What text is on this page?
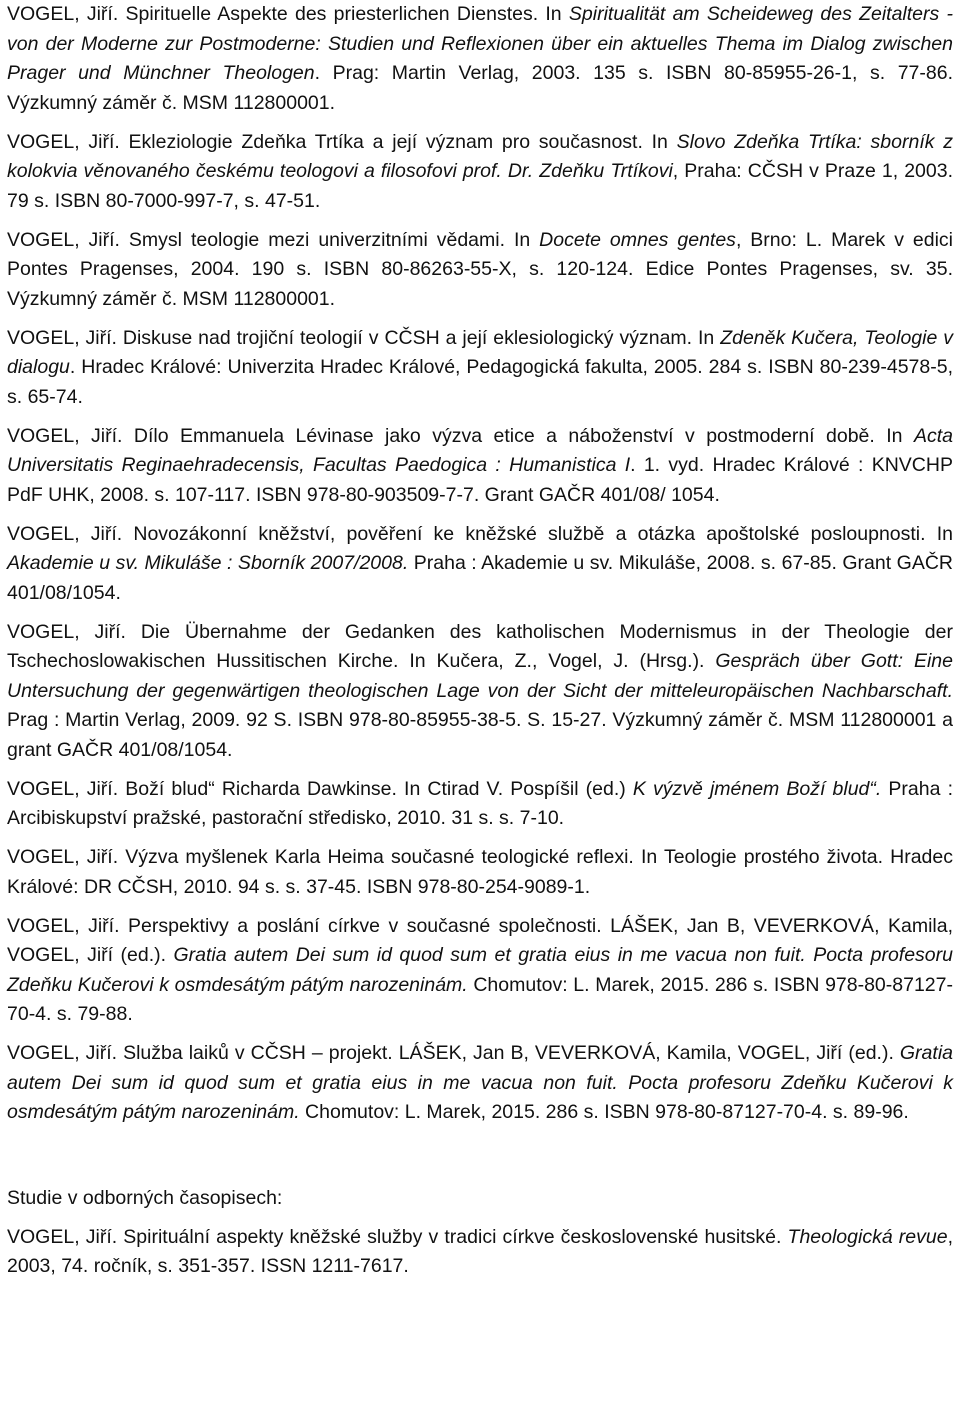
VOGEL, Jiří. Spirituelle Aspekte des priesterlichen Dienstes. In Spiritualität am Scheideweg des Zeitalters - von der Moderne zur Postmoderne: Studien und Reflexionen über ein aktuelles Thema im Dialog zwischen Prager und Münchner Theologen. Prag: Martin Verlag, 2003. 135 s. ISBN 80-85955-26-1, s. 77-86. Výzkumný záměr č. MSM 112800001.

VOGEL, Jiří. Ekleziologie Zdeňka Trtíka a její význam pro současnost. In Slovo Zdeňka Trtíka: sborník z kolokvia věnovaného českému teologovi a filosofovi prof. Dr. Zdeňku Trtíkovi, Praha: CČSH v Praze 1, 2003. 79 s. ISBN 80-7000-997-7, s. 47-51.

VOGEL, Jiří. Smysl teologie mezi univerzitními vědami. In Docete omnes gentes, Brno: L. Marek v edici Pontes Pragenses, 2004. 190 s. ISBN 80-86263-55-X, s. 120-124. Edice Pontes Pragenses, sv. 35. Výzkumný záměr č. MSM 112800001.

VOGEL, Jiří. Diskuse nad trojiční teologií v CČSH a její eklesiologický význam. In Zdeněk Kučera, Teologie v dialogu. Hradec Králové: Univerzita Hradec Králové, Pedagogická fakulta, 2005. 284 s. ISBN 80-239-4578-5, s. 65-74.

VOGEL, Jiří. Dílo Emmanuela Lévinase jako výzva etice a náboženství v postmoderní době. In Acta Universitatis Reginaehradecensis, Facultas Paedogica : Humanistica I. 1. vyd. Hradec Králové : KNVCHP PdF UHK, 2008. s. 107-117. ISBN 978-80-903509-7-7. Grant GAČR 401/08/ 1054.

VOGEL, Jiří. Novozákonní kněžství, pověření ke kněžské službě a otázka apoštolské posloupnosti. In Akademie u sv. Mikuláše : Sborník 2007/2008. Praha : Akademie u sv. Mikuláše, 2008. s. 67-85. Grant GAČR 401/08/1054.

VOGEL, Jiří. Die Übernahme der Gedanken des katholischen Modernismus in der Theologie der Tschechoslowakischen Hussitischen Kirche. In Kučera, Z., Vogel, J. (Hrsg.). Gespräch über Gott: Eine Untersuchung der gegenwärtigen theologischen Lage von der Sicht der mitteleuropäischen Nachbarschaft. Prag : Martin Verlag, 2009. 92 S. ISBN 978-80-85955-38-5. S. 15-27. Výzkumný záměr č. MSM 112800001 a grant GAČR 401/08/1054.

VOGEL, Jiří. Boží blud“ Richarda Dawkinse. In Ctirad V. Pospíšil (ed.) K výzvě jménem Boží blud“. Praha : Arcibiskupství pražské, pastorační středisko, 2010. 31 s. s. 7-10.

VOGEL, Jiří. Výzva myšlenek Karla Heima současné teologické reflexi. In Teologie prostého života. Hradec Králové: DR CČSH, 2010. 94 s. s. 37-45. ISBN 978-80-254-9089-1.

VOGEL, Jiří. Perspektivy a poslání církve v současné společnosti. LÁŠEK, Jan B, VEVERKOVÁ, Kamila, VOGEL, Jiří (ed.). Gratia autem Dei sum id quod sum et gratia eius in me vacua non fuit. Pocta profesoru Zdeňku Kučerovi k osmdesátým pátým narozeninám. Chomutov: L. Marek, 2015. 286 s. ISBN 978-80-87127-70-4. s. 79-88.

VOGEL, Jiří. Služba laiků v CČSH – projekt. LÁŠEK, Jan B, VEVERKOVÁ, Kamila, VOGEL, Jiří (ed.). Gratia autem Dei sum id quod sum et gratia eius in me vacua non fuit. Pocta profesoru Zdeňku Kučerovi k osmdesátým pátým narozeninám. Chomutov: L. Marek, 2015. 286 s. ISBN 978-80-87127-70-4. s. 89-96.

Studie v odborných časopisech:

VOGEL, Jiří. Spirituální aspekty kněžské služby v tradici církve československé husitské. Theologická revue, 2003, 74. ročník, s. 351-357. ISSN 1211-7617.
